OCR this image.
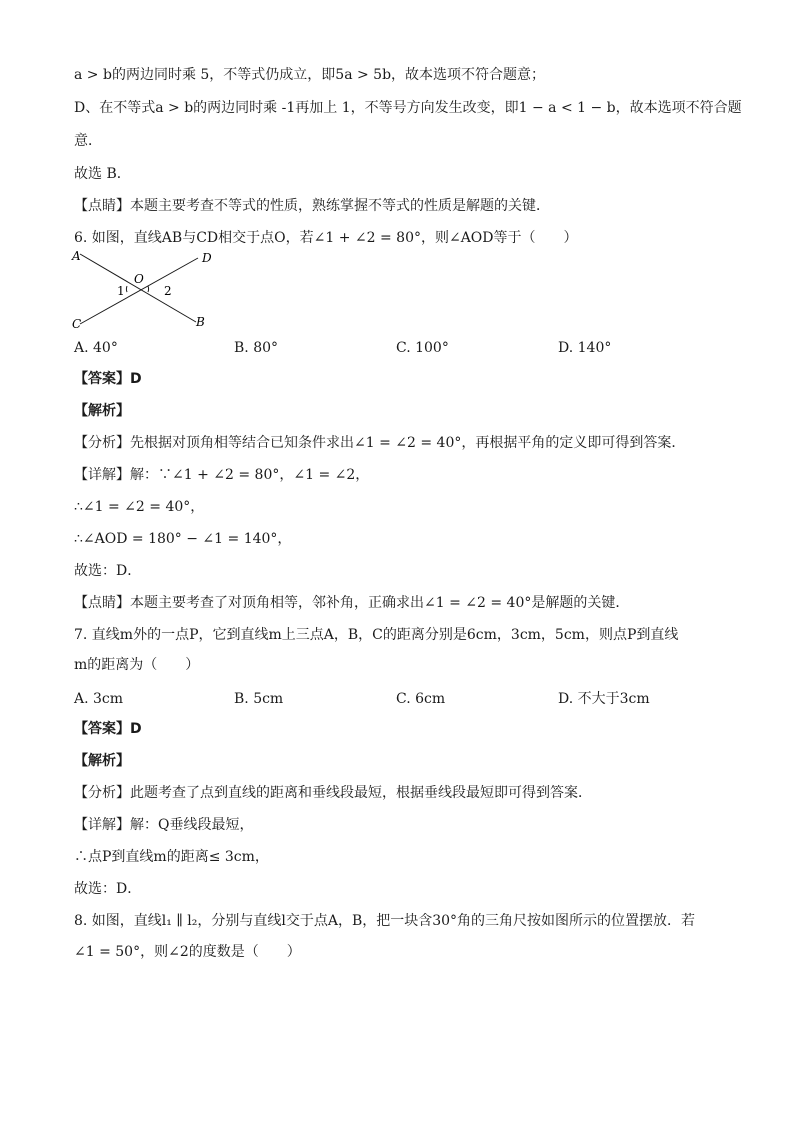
a > b的两边同时乘 5，不等式仍成立，即5a > 5b，故本选项不符合题意；
D、在不等式a > b的两边同时乘 -1再加上 1，不等号方向发生改变，即1 − a < 1 − b，故本选项不符合题
意．
故选 B．
【点睛】本题主要考查不等式的性质，熟练掌握不等式的性质是解题的关键．
6. 如图，直线AB与CD相交于点O，若∠1 + ∠2 = 80°，则∠AOD等于（　　）
A	D
C	B
O
1	2
A. 40°	B. 80°	C. 100°	D. 140°
【答案】D
【解析】
【分析】先根据对顶角相等结合已知条件求出∠1 = ∠2 = 40°，再根据平角的定义即可得到答案．
【详解】解：∵∠1 + ∠2 = 80°，∠1 = ∠2，
∴∠1 = ∠2 = 40°，
∴∠AOD = 180° − ∠1 = 140°，
故选：D．
【点睛】本题主要考查了对顶角相等，邻补角，正确求出∠1 = ∠2 = 40°是解题的关键．
7. 直线m外的一点P，它到直线m上三点A，B，C的距离分别是6cm，3cm，5cm，则点P到直线
m的距离为（　　）
A. 3cm	B. 5cm	C. 6cm	D. 不大于3cm
【答案】D
【解析】
【分析】此题考查了点到直线的距离和垂线段最短，根据垂线段最短即可得到答案．
【详解】解：Q垂线段最短，
∴点P到直线m的距离≤ 3cm，
故选：D．
8. 如图，直线l₁ ∥ l₂，分别与直线l交于点A，B，把一块含30°角的三角尺按如图所示的位置摆放．若
∠1 = 50°，则∠2的度数是（　　）
